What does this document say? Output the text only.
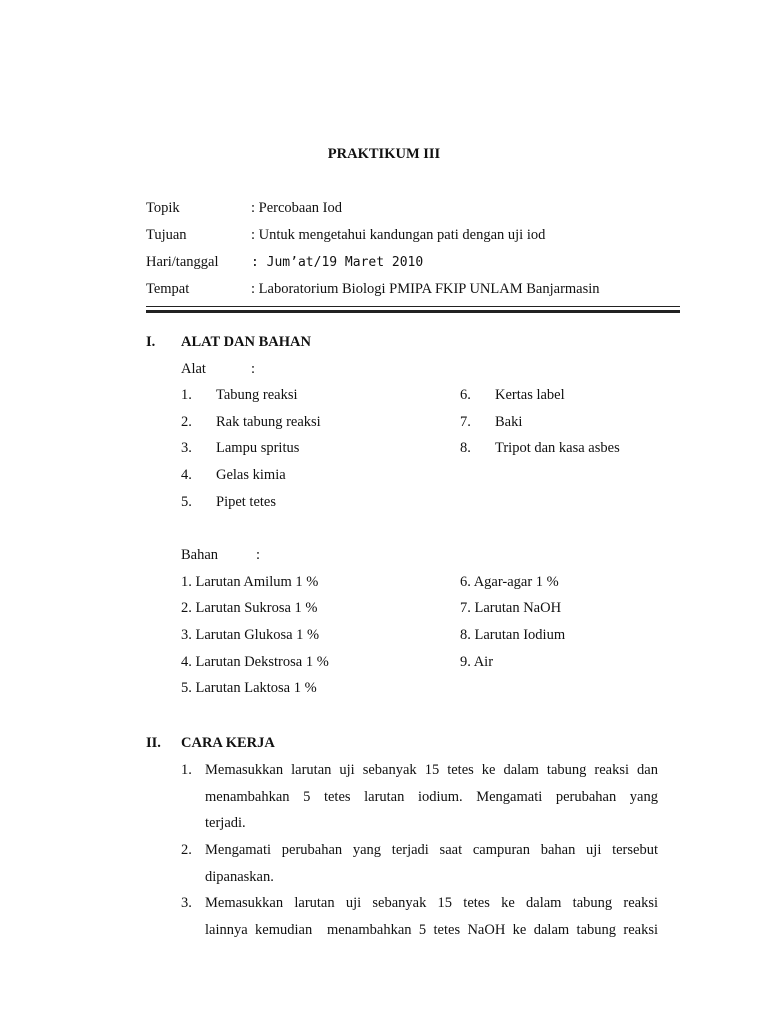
PRAKTIKUM III
Topik	: Percobaan Iod
Tujuan	: Untuk mengetahui kandungan pati dengan uji iod
Hari/tanggal	: Jum’at/19 Maret 2010
Tempat	: Laboratorium Biologi PMIPA FKIP UNLAM Banjarmasin
I. ALAT DAN BAHAN
Alat	:
1. Tabung reaksi
2. Rak tabung reaksi
3. Lampu spritus
4. Gelas kimia
5. Pipet tetes
6. Kertas label
7. Baki
8. Tripot dan kasa asbes
Bahan	:
1. Larutan Amilum 1 %
2. Larutan Sukrosa 1 %
3. Larutan Glukosa 1 %
4. Larutan Dekstrosa 1 %
5. Larutan Laktosa 1 %
6. Agar-agar 1 %
7. Larutan NaOH
8. Larutan Iodium
9. Air
II. CARA KERJA
1. Memasukkan larutan uji sebanyak 15 tetes ke dalam tabung reaksi dan
menambahkan 5 tetes larutan iodium. Mengamati perubahan yang
terjadi.
2. Mengamati perubahan yang terjadi saat campuran bahan uji tersebut
dipanaskan.
3. Memasukkan larutan uji sebanyak 15 tetes ke dalam tabung reaksi
lainnya kemudian  menambahkan 5 tetes NaOH ke dalam tabung reaksi
